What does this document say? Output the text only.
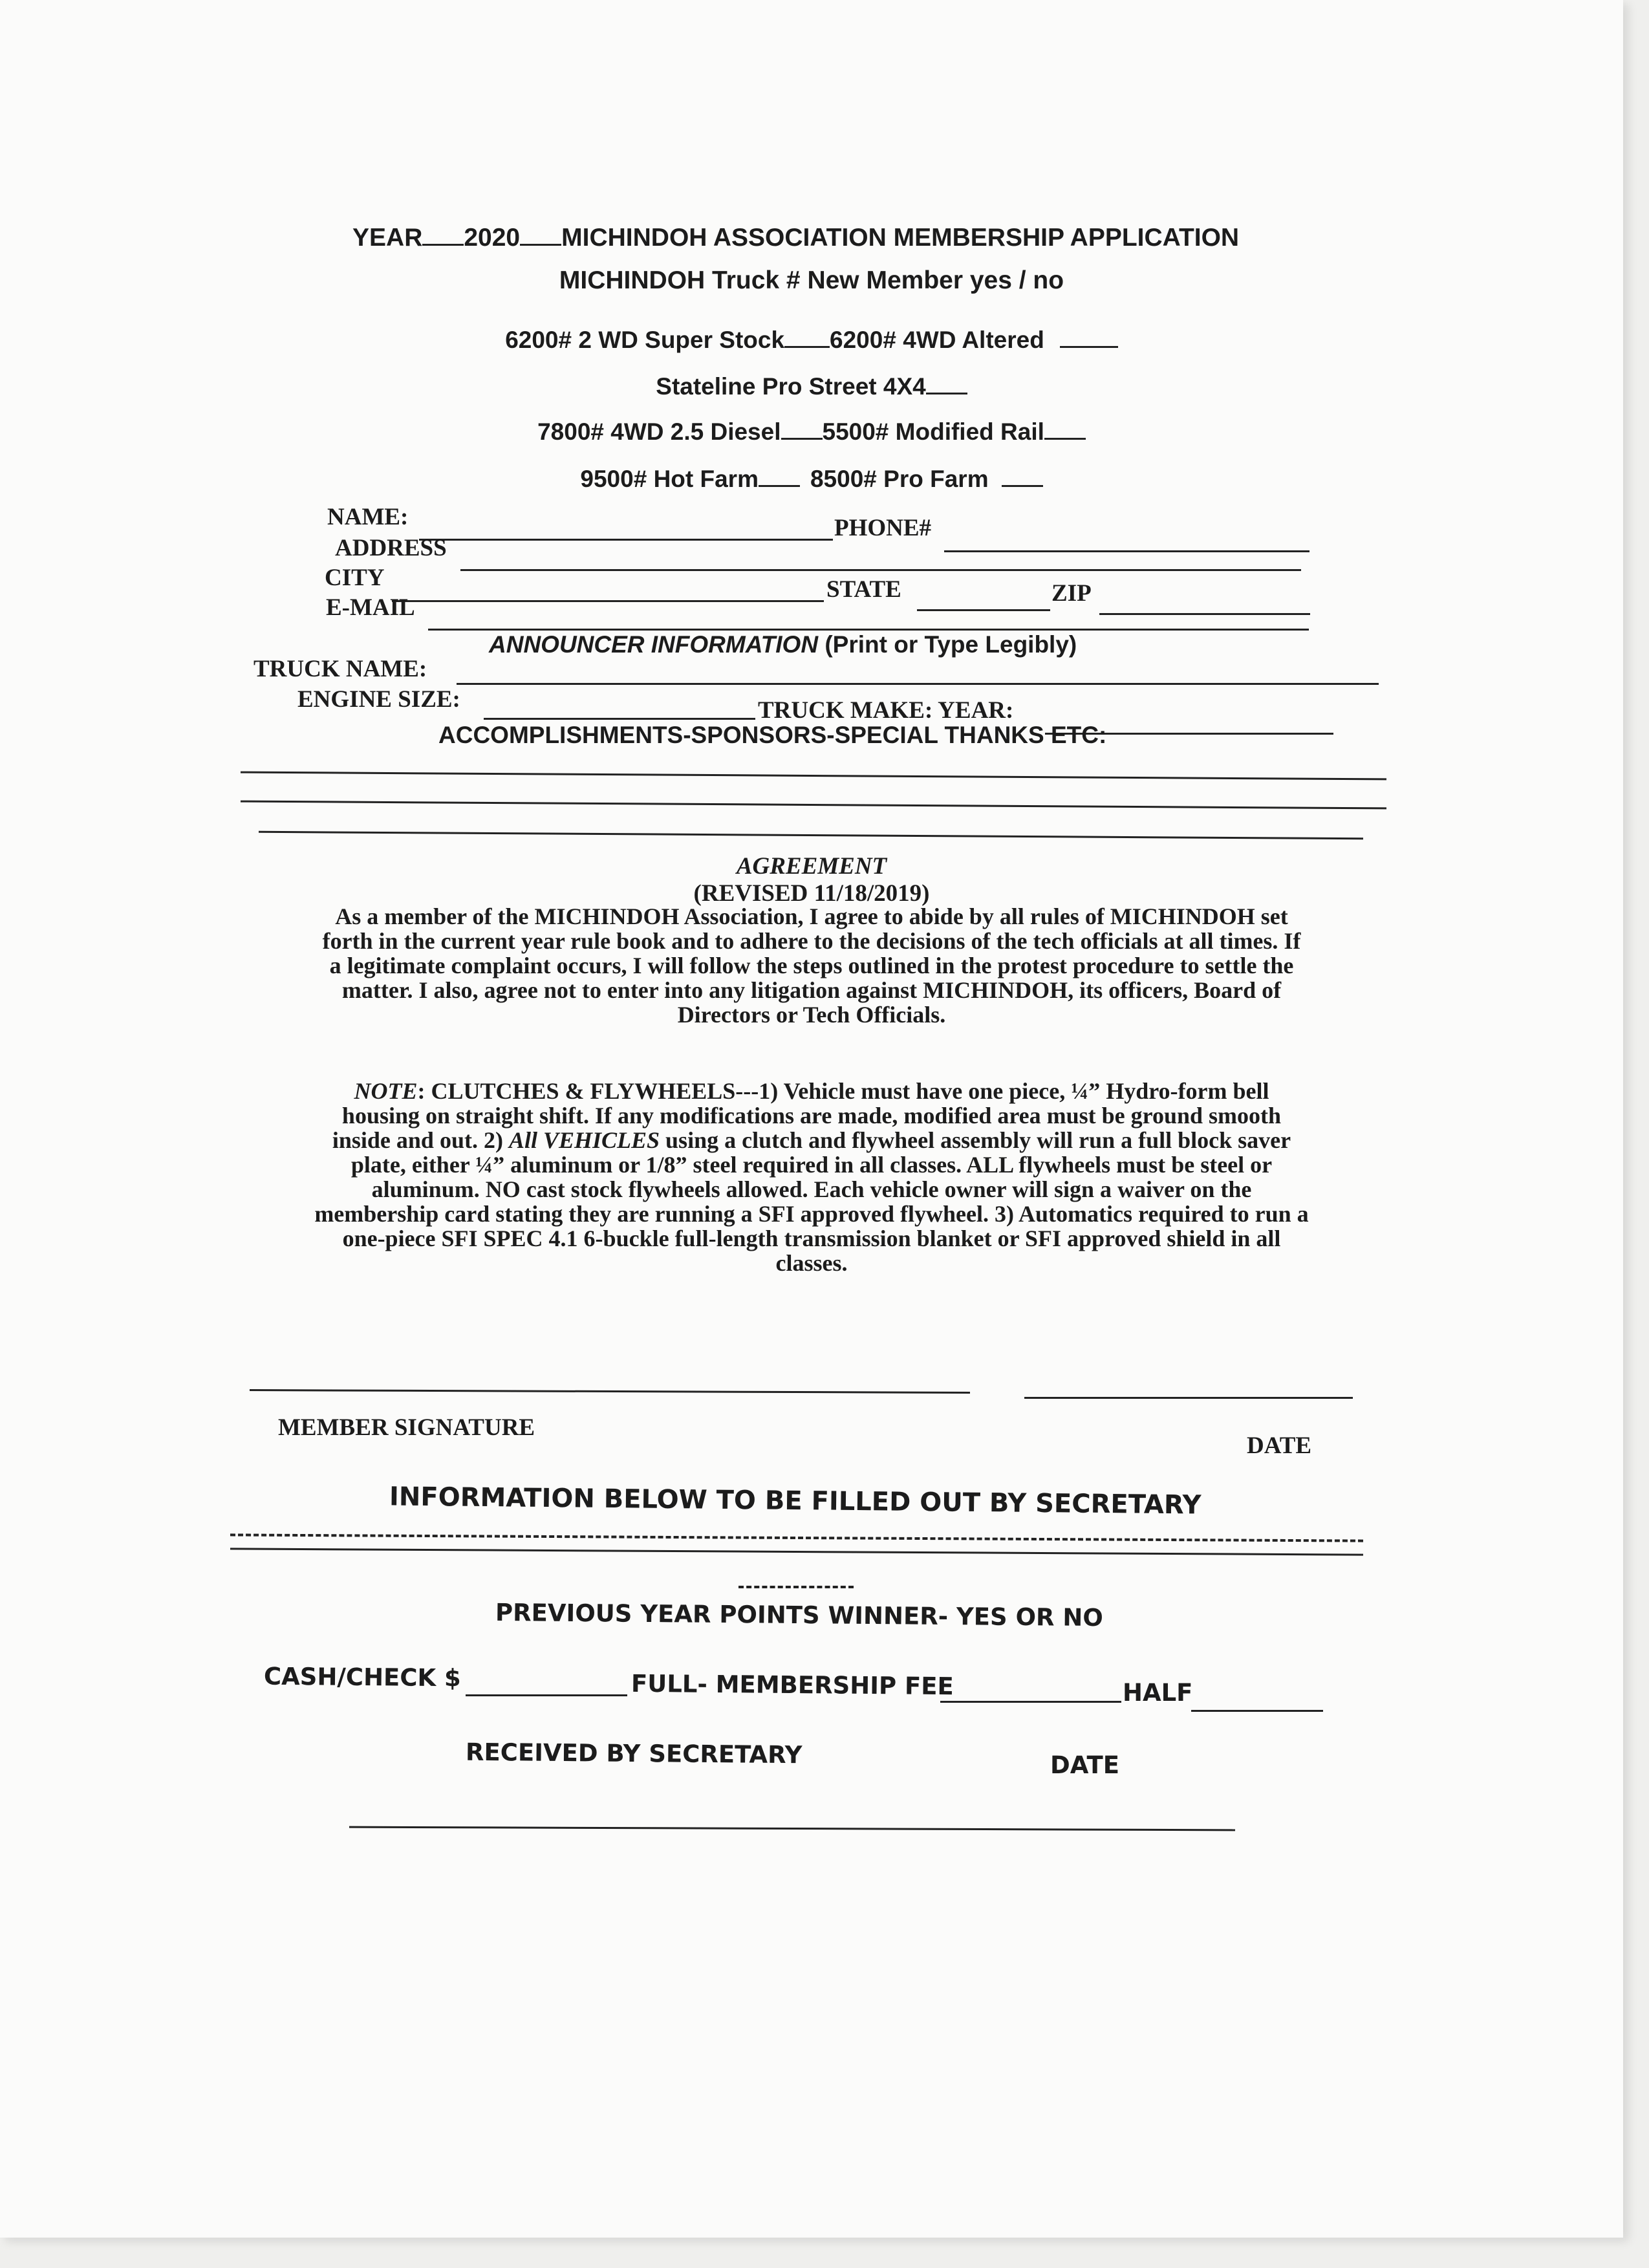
YEAR 2020 MICHINDOH ASSOCIATION MEMBERSHIP APPLICATION
MICHINDOH Truck # New Member yes / no
6200# 2 WD Super Stock 6200# 4WD Altered
Stateline Pro Street 4X4
7800# 4WD 2.5 Diesel 5500# Modified Rail
9500# Hot Farm 8500# Pro Farm
NAME:	PHONE#
ADDRESS
CITY	STATE	ZIP
E-MAIL
ANNOUNCER INFORMATION (Print or Type Legibly)
TRUCK NAME:
ENGINE SIZE:	TRUCK MAKE: YEAR:
ACCOMPLISHMENTS-SPONSORS-SPECIAL THANKS ETC:
AGREEMENT
(REVISED 11/18/2019)
As a member of the MICHINDOH Association, I agree to abide by all rules of MICHINDOH set
forth in the current year rule book and to adhere to the decisions of the tech officials at all times. If
a legitimate complaint occurs, I will follow the steps outlined in the protest procedure to settle the
matter. I also, agree not to enter into any litigation against MICHINDOH, its officers, Board of
Directors or Tech Officials.
NOTE: CLUTCHES & FLYWHEELS---1) Vehicle must have one piece, ¼” Hydro-form bell
housing on straight shift. If any modifications are made, modified area must be ground smooth
inside and out. 2) All VEHICLES using a clutch and flywheel assembly will run a full block saver
plate, either ¼” aluminum or 1/8” steel required in all classes. ALL flywheels must be steel or
aluminum. NO cast stock flywheels allowed. Each vehicle owner will sign a waiver on the
membership card stating they are running a SFI approved flywheel. 3) Automatics required to run a
one-piece SFI SPEC 4.1 6-buckle full-length transmission blanket or SFI approved shield in all
classes.
MEMBER SIGNATURE
DATE
INFORMATION BELOW TO BE FILLED OUT BY SECRETARY
PREVIOUS YEAR POINTS WINNER- YES OR NO
CASH/CHECK $	FULL- MEMBERSHIP FEE	HALF
RECEIVED BY SECRETARY	DATE
